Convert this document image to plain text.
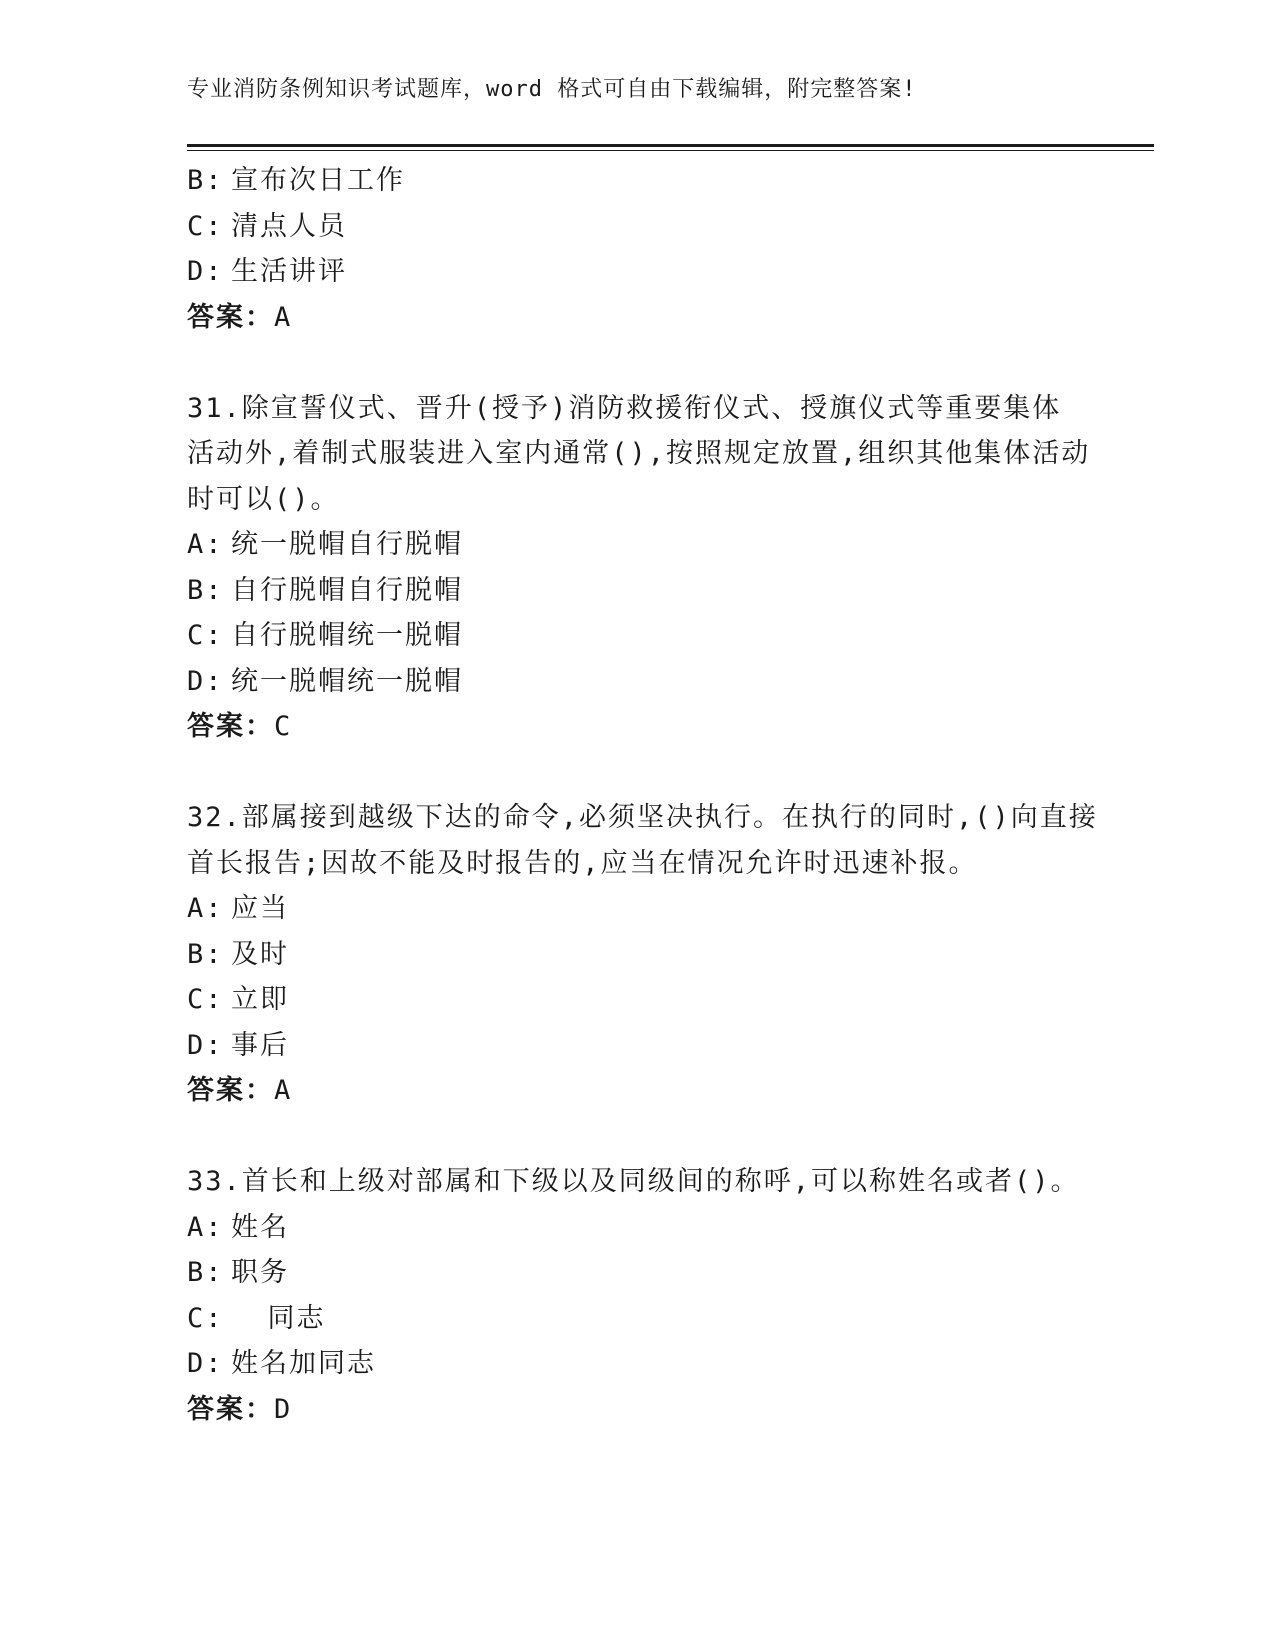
专业消防条例知识考试题库，word 格式可自由下载编辑，附完整答案!
B: 宣布次日工作
C: 清点人员
D: 生活讲评
答案：A
31.除宣誓仪式、晋升(授予)消防救援衔仪式、授旗仪式等重要集体
活动外,着制式服装进入室内通常(),按照规定放置,组织其他集体活动
时可以()。
A: 统一脱帽自行脱帽
B: 自行脱帽自行脱帽
C: 自行脱帽统一脱帽
D: 统一脱帽统一脱帽
答案：C
32.部属接到越级下达的命令,必须坚决执行。在执行的同时,()向直接
首长报告;因故不能及时报告的,应当在情况允许时迅速补报。
A: 应当
B: 及时
C: 立即
D: 事后
答案：A
33.首长和上级对部属和下级以及同级间的称呼,可以称姓名或者()。
A: 姓名
B: 职务
C:  同志
D: 姓名加同志
答案：D
